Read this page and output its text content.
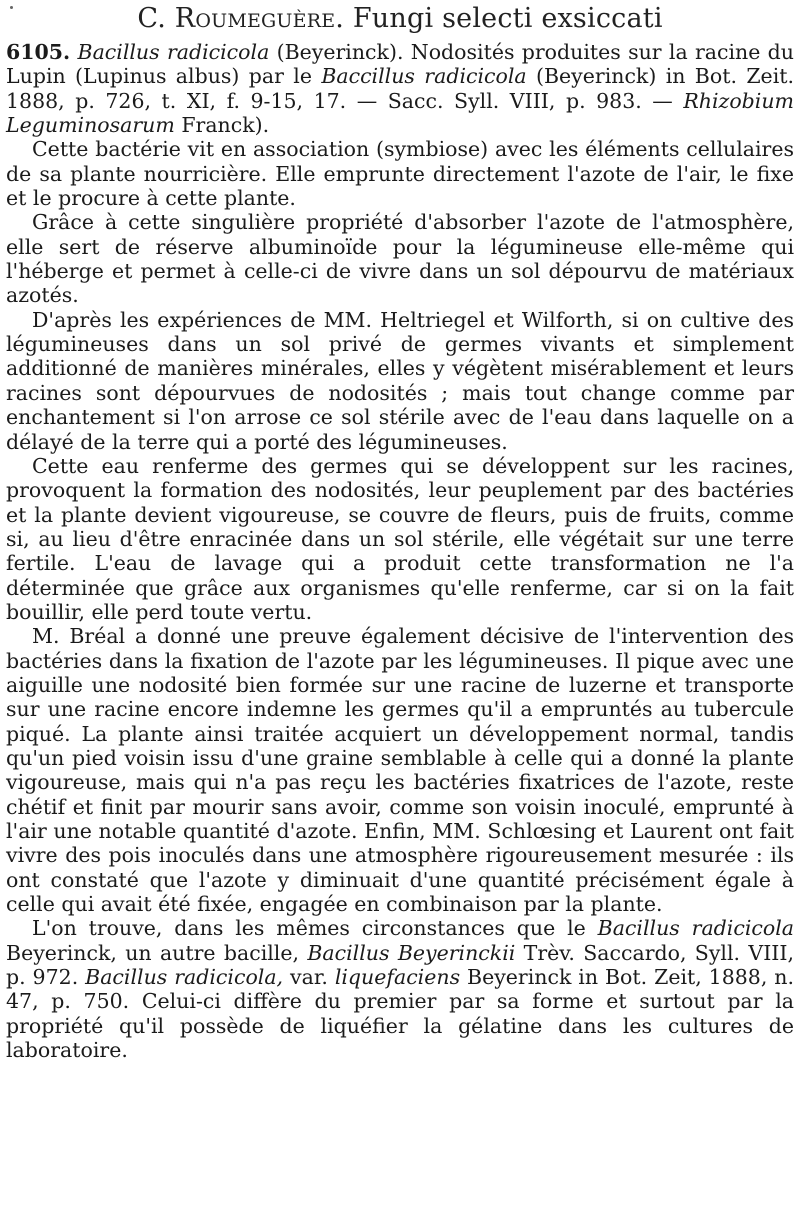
C. Roumeguère. Fungi selecti exsiccati

6105. Bacillus radicicola (Beyerinck). Nodosités produites sur la racine du Lupin (Lupinus albus) par le Baccillus radicicola (Beyerinck) in Bot. Zeit. 1888, p. 726, t. XI, f. 9-15, 17. — Sacc. Syll. VIII, p. 983. — Rhizobium Leguminosarum Franck).

Cette bactérie vit en association (symbiose) avec les éléments cellulaires de sa plante nourricière. Elle emprunte directement l'azote de l'air, le fixe et le procure à cette plante.

Grâce à cette singulière propriété d'absorber l'azote de l'atmosphère, elle sert de réserve albuminoïde pour la légumineuse elle-même qui l'héberge et permet à celle-ci de vivre dans un sol dépourvu de matériaux azotés.

D'après les expériences de MM. Heltriegel et Wilforth, si on cultive des légumineuses dans un sol privé de germes vivants et simplement additionné de manières minérales, elles y végètent misérablement et leurs racines sont dépourvues de nodosités ; mais tout change comme par enchantement si l'on arrose ce sol stérile avec de l'eau dans laquelle on a délayé de la terre qui a porté des légumineuses.

Cette eau renferme des germes qui se développent sur les racines, provoquent la formation des nodosités, leur peuplement par des bactéries et la plante devient vigoureuse, se couvre de fleurs, puis de fruits, comme si, au lieu d'être enracinée dans un sol stérile, elle végétait sur une terre fertile. L'eau de lavage qui a produit cette transformation ne l'a déterminée que grâce aux organismes qu'elle renferme, car si on la fait bouillir, elle perd toute vertu.

M. Bréal a donné une preuve également décisive de l'intervention des bactéries dans la fixation de l'azote par les légumineuses. Il pique avec une aiguille une nodosité bien formée sur une racine de luzerne et transporte sur une racine encore indemne les germes qu'il a empruntés au tubercule piqué. La plante ainsi traitée acquiert un développement normal, tandis qu'un pied voisin issu d'une graine semblable à celle qui a donné la plante vigoureuse, mais qui n'a pas reçu les bactéries fixatrices de l'azote, reste chétif et finit par mourir sans avoir, comme son voisin inoculé, emprunté à l'air une notable quantité d'azote. Enfin, MM. Schlœsing et Laurent ont fait vivre des pois inoculés dans une atmosphère rigoureusement mesurée : ils ont constaté que l'azote y diminuait d'une quantité précisément égale à celle qui avait été fixée, engagée en combinaison par la plante.

L'on trouve, dans les mêmes circonstances que le Bacillus radicicola Beyerinck, un autre bacille, Bacillus Beyerinckii Trèv. Saccardo, Syll. VIII, p. 972. Bacillus radicicola, var. liquefaciens Beyerinck in Bot. Zeit, 1888, n. 47, p. 750. Celui-ci diffère du premier par sa forme et surtout par la propriété qu'il possède de liquéfier la gélatine dans les cultures de laboratoire.
